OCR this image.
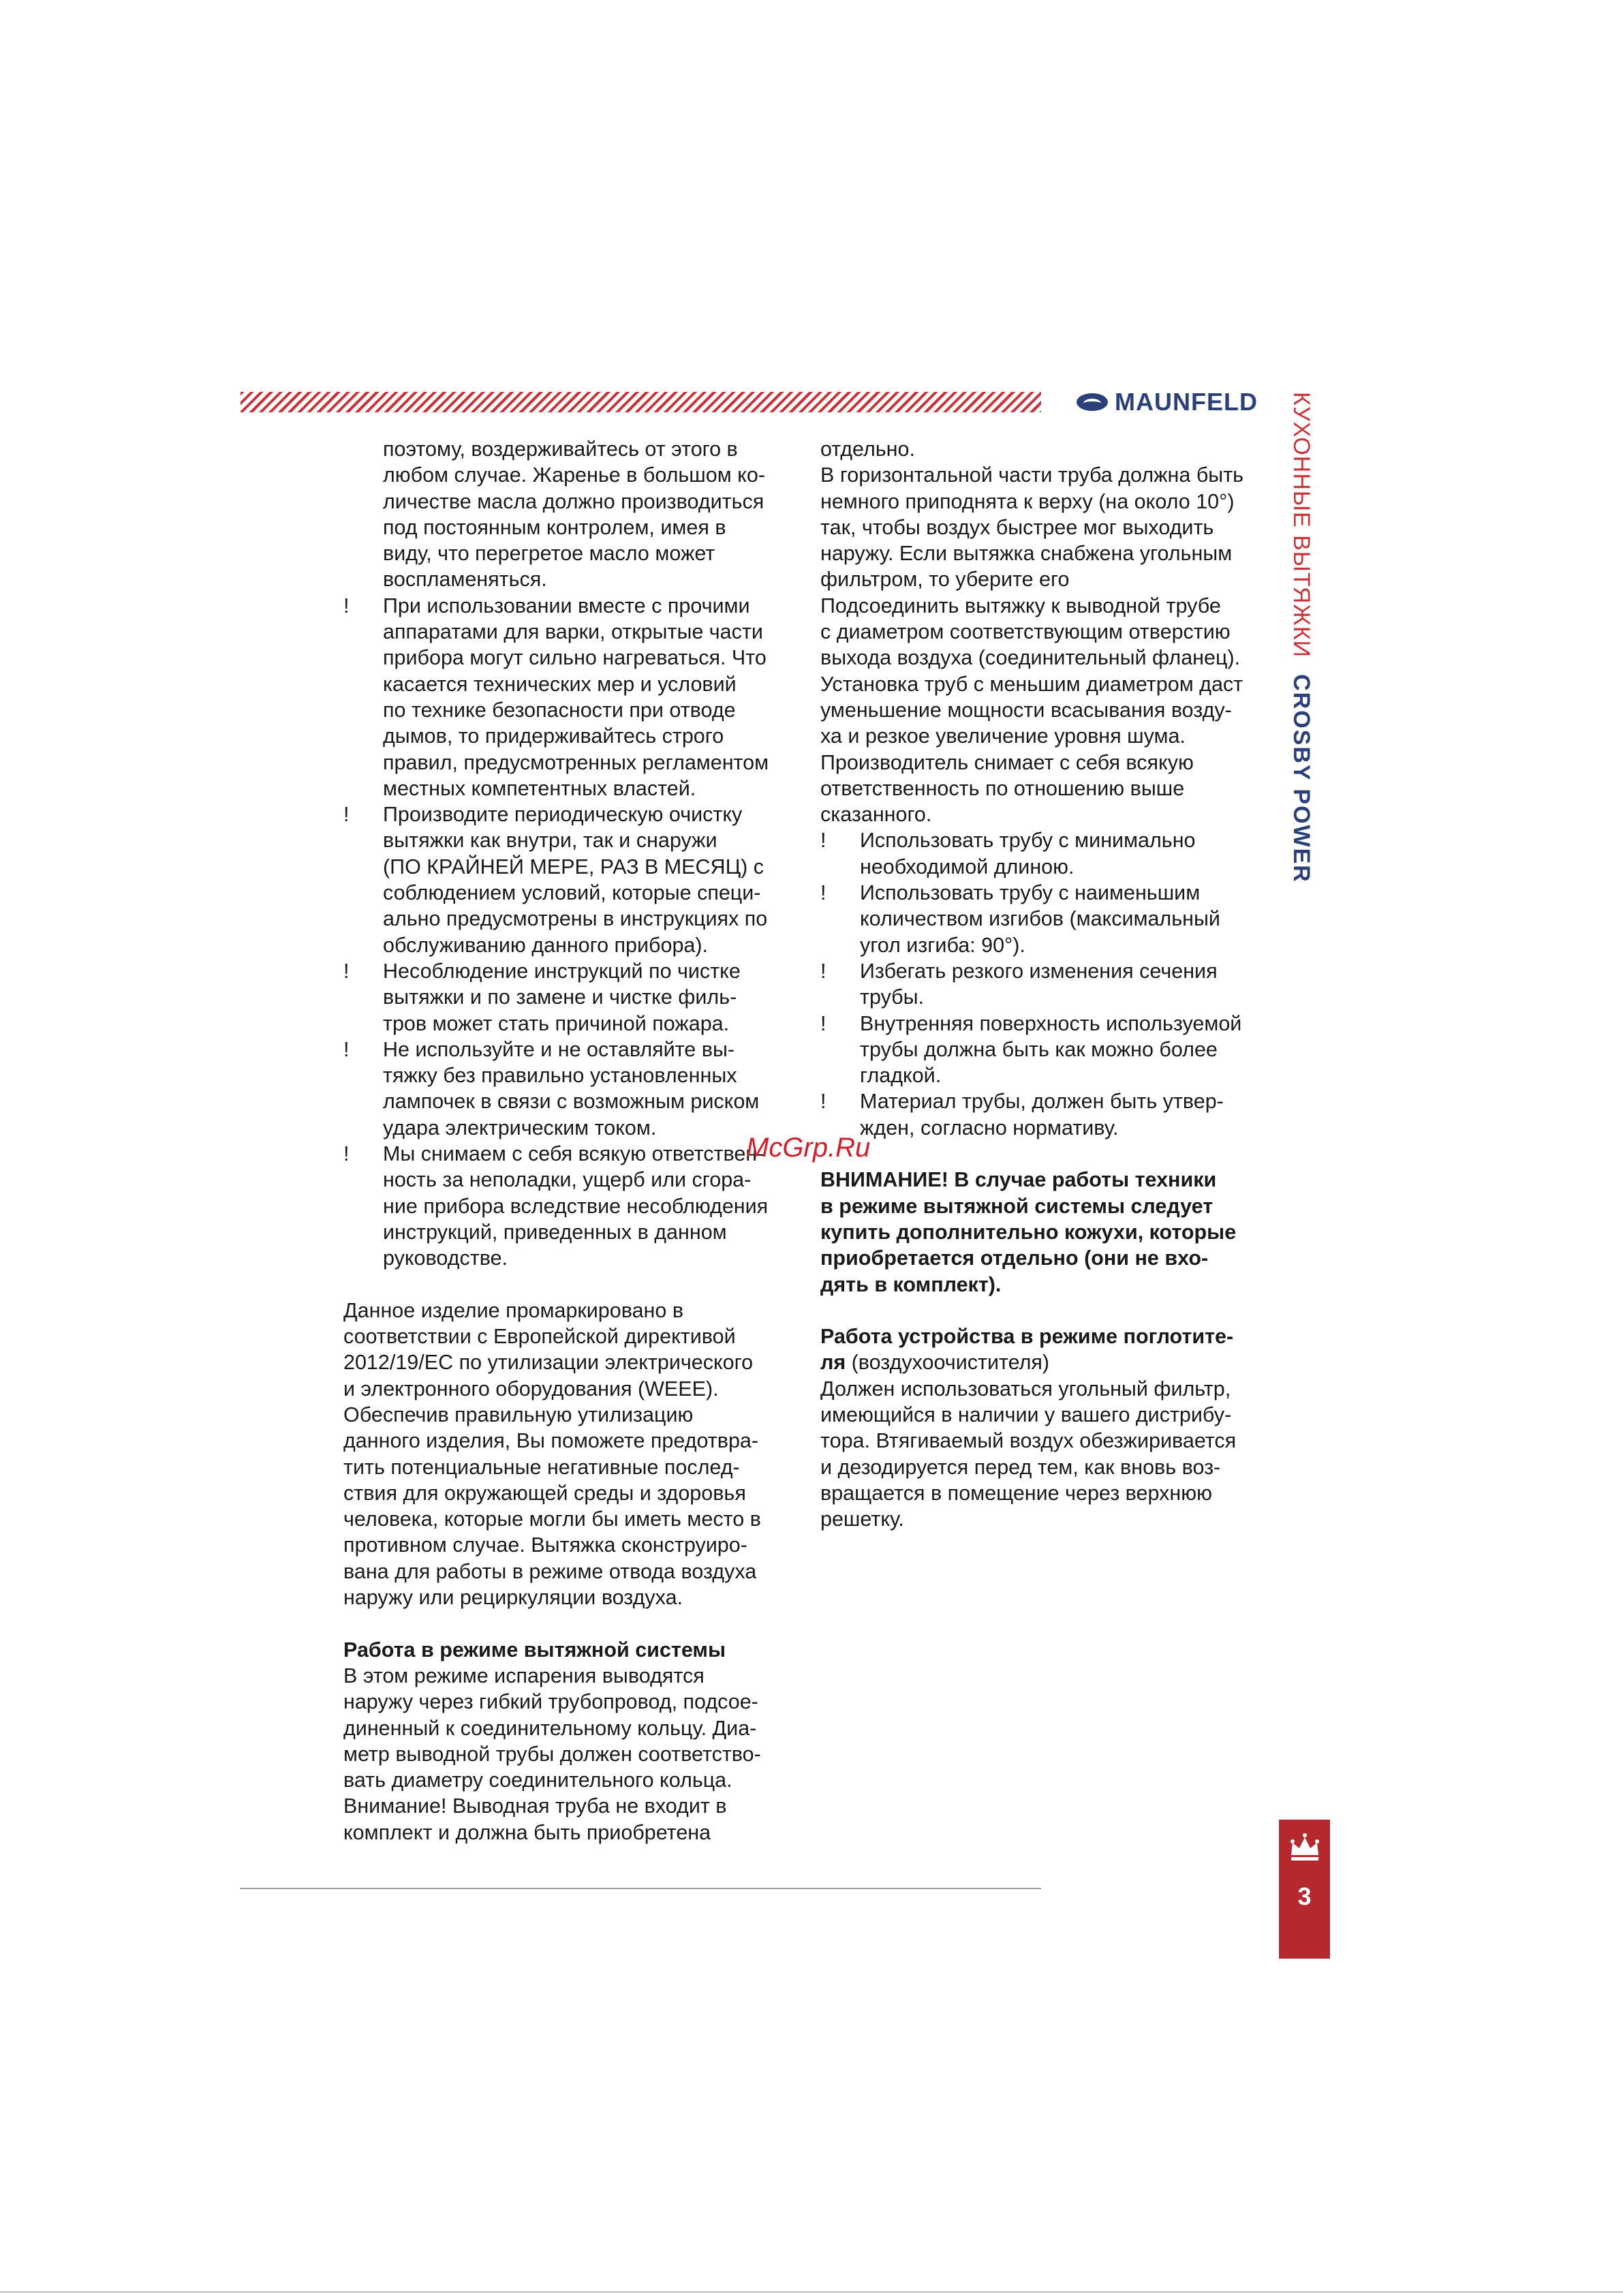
MAUNFELD КУХОННЫЕ ВЫТЯЖКИCROSBY POWER

поэтому, воздерживайтесь от этого в

любом случае. Жаренье в большом ко-

личестве масла должно производиться

под постоянным контролем, имея в

виду, что перегретое масло может

воспламеняться.

! При использовании вместе с прочими

аппаратами для варки, открытые части

прибора могут сильно нагреваться. Что

касается технических мер и условий

по технике безопасности при отводе

дымов, то придерживайтесь строго

правил, предусмотренных регламентом

местных компетентных властей.

! Производите периодическую очистку

вытяжки как внутри, так и снаружи

(ПО КРАЙНЕЙ МЕРЕ, РАЗ В МЕСЯЦ) с

соблюдением условий, которые специ-

ально предусмотрены в инструкциях по

обслуживанию данного прибора).

! Несоблюдение инструкций по чистке

вытяжки и по замене и чистке филь-

тров может стать причиной пожара.

! Не используйте и не оставляйте вы-

тяжку без правильно установленных

лампочек в связи с возможным риском

удара электрическим током.

! Мы снимаем с себя всякую ответствен-

ность за неполадки, ущерб или сгора-

ние прибора вследствие несоблюдения

инструкций, приведенных в данном

руководстве.

Данное изделие промаркировано в

соответствии с Европейской директивой

2012/19/EC по утилизации электрического

и электронного оборудования (WEEE).

Обеспечив правильную утилизацию

данного изделия, Вы поможете предотвра-

тить потенциальные негативные послед-

ствия для окружающей среды и здоровья

человека, которые могли бы иметь место в

противном случае. Вытяжка сконструиро-

вана для работы в режиме отвода воздуха

наружу или рециркуляции воздуха.

Работа в режиме вытяжной системы

В этом режиме испарения выводятся

наружу через гибкий трубопровод, подсое-

диненный к соединительному кольцу. Диа-

метр выводной трубы должен соответство-

вать диаметру соединительного кольца.

Внимание! Выводная труба не входит в

комплект и должна быть приобретена

отдельно.

В горизонтальной части труба должна быть

немного приподнята к верху (на около 10°)

так, чтобы воздух быстрее мог выходить

наружу. Если вытяжка снабжена угольным

фильтром, то уберите его

Подсоединить вытяжку к выводной трубе

с диаметром соответствующим отверстию

выхода воздуха (соединительный фланец).

Установка труб с меньшим диаметром даст

уменьшение мощности всасывания возду-

ха и резкое увеличение уровня шума.

Производитель снимает с себя всякую

ответственность по отношению выше

сказанного.

! Использовать трубу с минимально

необходимой длиною.

! Использовать трубу с наименьшим

количеством изгибов (максимальный

угол изгиба: 90°).

! Избегать резкого изменения сечения

трубы.

! Внутренняя поверхность используемой

трубы должна быть как можно более

гладкой.

! Материал трубы, должен быть утвер-

жден, согласно нормативу.

ВНИМАНИЕ! В случае работы техники

в режиме вытяжной системы следует

купить дополнительно кожухи, которые

приобретается отдельно (они не вхо-

дять в комплект).

Работа устройства в режиме поглотите-

ля (воздухоочистителя)

Должен использоваться угольный фильтр,

имеющийся в наличии у вашего дистрибу-

тора. Втягиваемый воздух обезжиривается

и дезодируется перед тем, как вновь воз-

вращается в помещение через верхнюю

решетку.

McGrp.Ru
3
